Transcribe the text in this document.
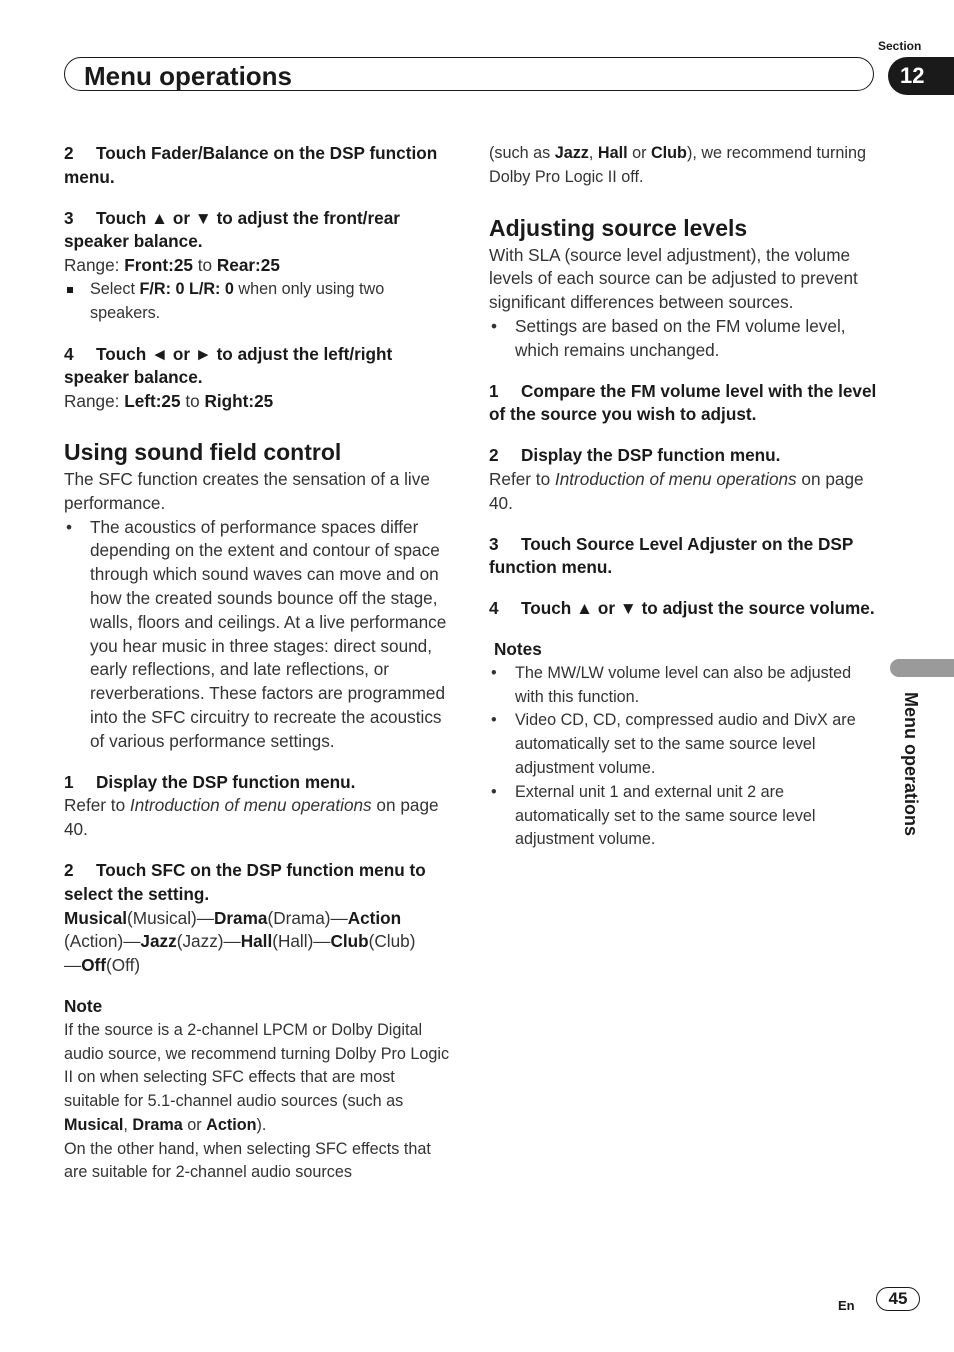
Section
Menu operations	12

2 Touch Fader/Balance on the DSP function menu.

3 Touch ▲ or ▼ to adjust the front/rear speaker balance.

Range: Front:25 to Rear:25

Select F/R: 0 L/R: 0 when only using two speakers.

4 Touch ◄ or ► to adjust the left/right speaker balance.

Range: Left:25 to Right:25

Using sound field control

The SFC function creates the sensation of a live performance.

• The acoustics of performance spaces differ depending on the extent and contour of space through which sound waves can move and on how the created sounds bounce off the stage, walls, floors and ceilings. At a live performance you hear music in three stages: direct sound, early reflections, and late reflections, or reverberations. These factors are programmed into the SFC circuitry to recreate the acoustics of various performance settings.

1 Display the DSP function menu.

Refer to Introduction of menu operations on page 40.

2 Touch SFC on the DSP function menu to select the setting.

Musical(Musical)—Drama(Drama)—Action
(Action)—Jazz(Jazz)—Hall(Hall)—Club(Club)
—Off(Off)

Note

If the source is a 2-channel LPCM or Dolby Digital audio source, we recommend turning Dolby Pro Logic II on when selecting SFC effects that are most suitable for 5.1-channel audio sources (such as Musical, Drama or Action).

On the other hand, when selecting SFC effects that are suitable for 2-channel audio sources

(such as Jazz, Hall or Club), we recommend turning Dolby Pro Logic II off.

Adjusting source levels

With SLA (source level adjustment), the volume levels of each source can be adjusted to prevent significant differences between sources.

• Settings are based on the FM volume level, which remains unchanged.

1 Compare the FM volume level with the level of the source you wish to adjust.

2 Display the DSP function menu.

Refer to Introduction of menu operations on page 40.

3 Touch Source Level Adjuster on the DSP function menu.

4 Touch ▲ or ▼ to adjust the source volume.

Notes

• The MW/LW volume level can also be adjusted with this function.
• Video CD, CD, compressed audio and DivX are automatically set to the same source level adjustment volume.
• External unit 1 and external unit 2 are automatically set to the same source level adjustment volume.
Menu operations
En	45
